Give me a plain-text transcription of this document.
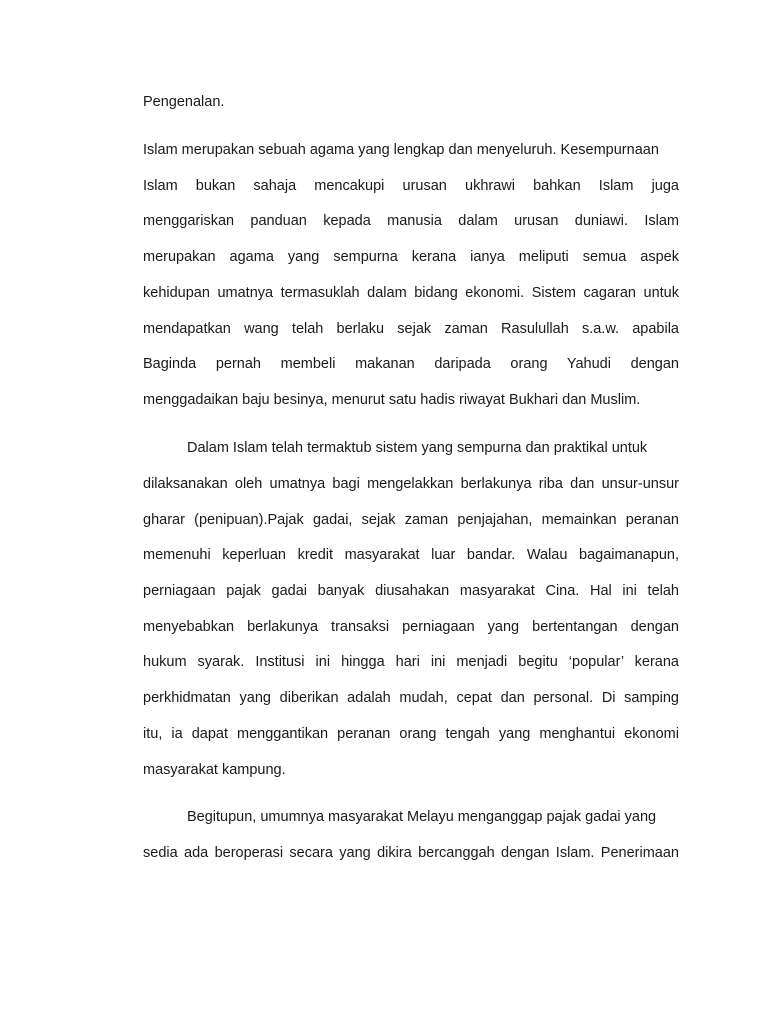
Pengenalan.

Islam merupakan sebuah agama yang lengkap dan menyeluruh. Kesempurnaan

Islam bukan sahaja mencakupi urusan ukhrawi bahkan Islam juga

menggariskan panduan kepada manusia dalam urusan duniawi. Islam

merupakan agama yang sempurna kerana ianya meliputi semua aspek

kehidupan umatnya termasuklah dalam bidang ekonomi. Sistem cagaran untuk

mendapatkan wang telah berlaku sejak zaman Rasulullah s.a.w. apabila

Baginda pernah membeli makanan daripada orang Yahudi dengan

menggadaikan baju besinya, menurut satu hadis riwayat Bukhari dan Muslim.

Dalam Islam telah termaktub sistem yang sempurna dan praktikal untuk

dilaksanakan oleh umatnya bagi mengelakkan berlakunya riba dan unsur-unsur

gharar (penipuan).Pajak gadai, sejak zaman penjajahan, memainkan peranan

memenuhi keperluan kredit masyarakat luar bandar. Walau bagaimanapun,

perniagaan pajak gadai banyak diusahakan masyarakat Cina. Hal ini telah

menyebabkan berlakunya transaksi perniagaan yang bertentangan dengan

hukum syarak. Institusi ini hingga hari ini menjadi begitu ‘popular’ kerana

perkhidmatan yang diberikan adalah mudah, cepat dan personal. Di samping

itu, ia dapat menggantikan peranan orang tengah yang menghantui ekonomi

masyarakat kampung.

Begitupun, umumnya masyarakat Melayu menganggap pajak gadai yang

sedia ada beroperasi secara yang dikira bercanggah dengan Islam. Penerimaan
